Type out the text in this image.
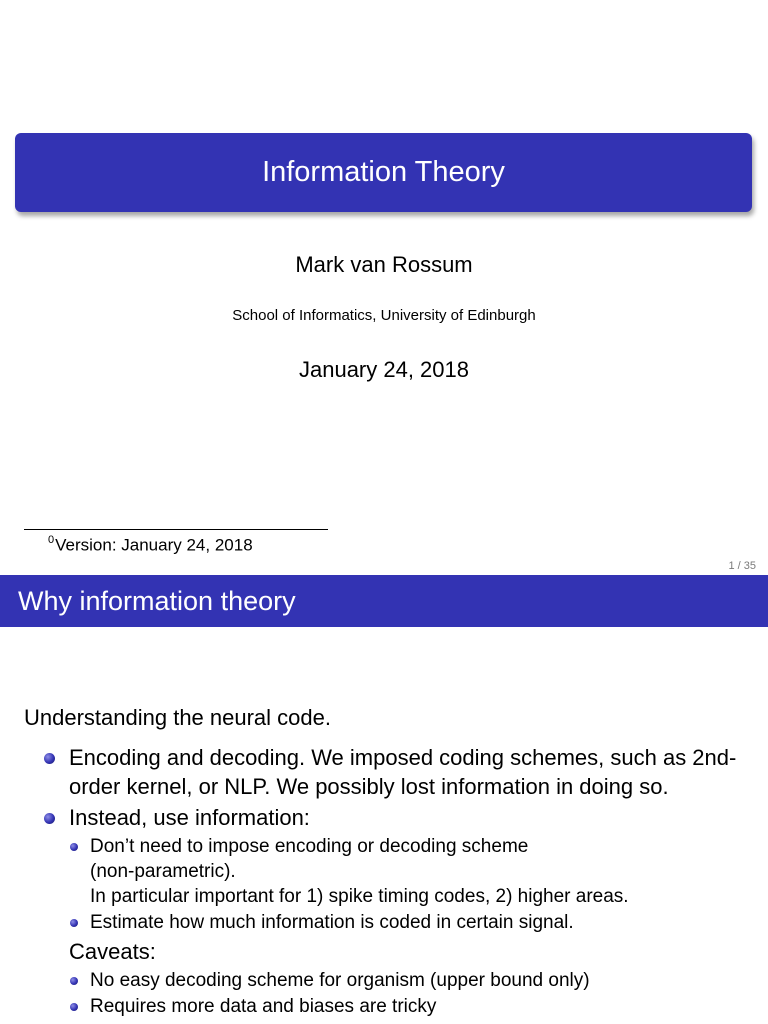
Information Theory
Mark van Rossum
School of Informatics, University of Edinburgh
January 24, 2018
$^0$Version: January 24, 2018
1 / 35
Why information theory
Understanding the neural code.
Encoding and decoding. We imposed coding schemes, such as 2nd-order kernel, or NLP. We possibly lost information in doing so.
Instead, use information:
Don’t need to impose encoding or decoding scheme
(non-parametric).
In particular important for 1) spike timing codes, 2) higher areas.
Estimate how much information is coded in certain signal.
Caveats:
No easy decoding scheme for organism (upper bound only)
Requires more data and biases are tricky
